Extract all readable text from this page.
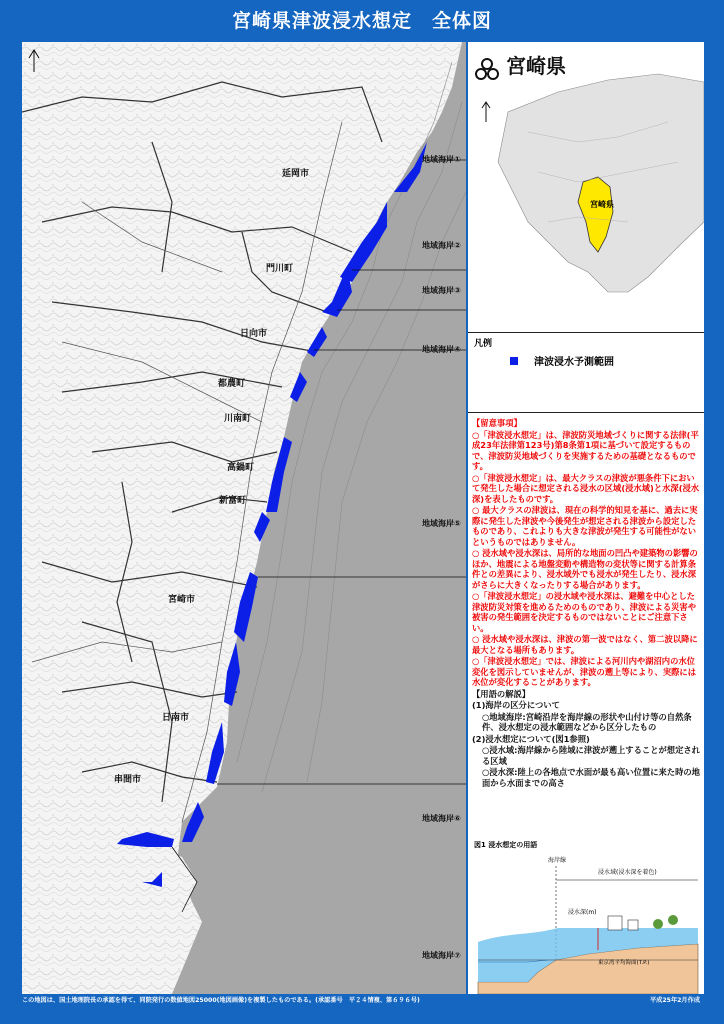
宮崎県津波浸水想定　全体図
地域海岸①
地域海岸②
地域海岸③
地域海岸④
地域海岸⑤
地域海岸⑥
地域海岸⑦
延岡市
門川町
日向市
都農町
川南町
高鍋町
新富町
宮崎市
日南市
串間市
宮崎県
宮崎県
凡例
津波浸水予測範囲

【留意事項】

○「津波浸水想定」は、津波防災地域づくりに関する法律(平成23年法律第123号)第8条第1項に基づいて設定するもので、津波防災地域づくりを実施するための基礎となるものです。

○「津波浸水想定」は、最大クラスの津波が悪条件下において発生した場合に想定される浸水の区域(浸水域)と水深(浸水深)を表したものです。

○ 最大クラスの津波は、現在の科学的知見を基に、過去に実際に発生した津波や今後発生が想定される津波から設定したものであり、これよりも大きな津波が発生する可能性がないというものではありません。

○ 浸水域や浸水深は、局所的な地面の凹凸や建築物の影響のほか、地震による地盤変動や構造物の変状等に関する計算条件との差異により、浸水域外でも浸水が発生したり、浸水深がさらに大きくなったりする場合があります。

○「津波浸水想定」の浸水域や浸水深は、避難を中心とした津波防災対策を進めるためのものであり、津波による災害や被害の発生範囲を決定するものではないことにご注意下さい。

○ 浸水域や浸水深は、津波の第一波ではなく、第二波以降に最大となる場所もあります。

○「津波浸水想定」では、津波による河川内や湖沼内の水位変化を図示していませんが、津波の遡上等により、実際には水位が変化することがあります。

【用語の解説】

(1)海岸の区分について

○地域海岸:宮崎沿岸を海岸線の形状や山付け等の自然条件、浸水想定の浸水範囲などから区分したもの

(2)浸水想定について(図1参照)

○浸水域:海岸線から陸域に津波が遡上することが想定される区域

○浸水深:陸上の各地点で水面が最も高い位置に来た時の地面から水面までの高さ

図1 浸水想定の用語
海岸線
浸水域(浸水深を着色)
浸水深(m)
東京湾平均海面(T.P.)
この地図は、国土地理院長の承認を得て、同院発行の数値地図25000(地図画像)を複製したものである。(承認番号　平２４情複、第６９６号)	平成25年2月作成
